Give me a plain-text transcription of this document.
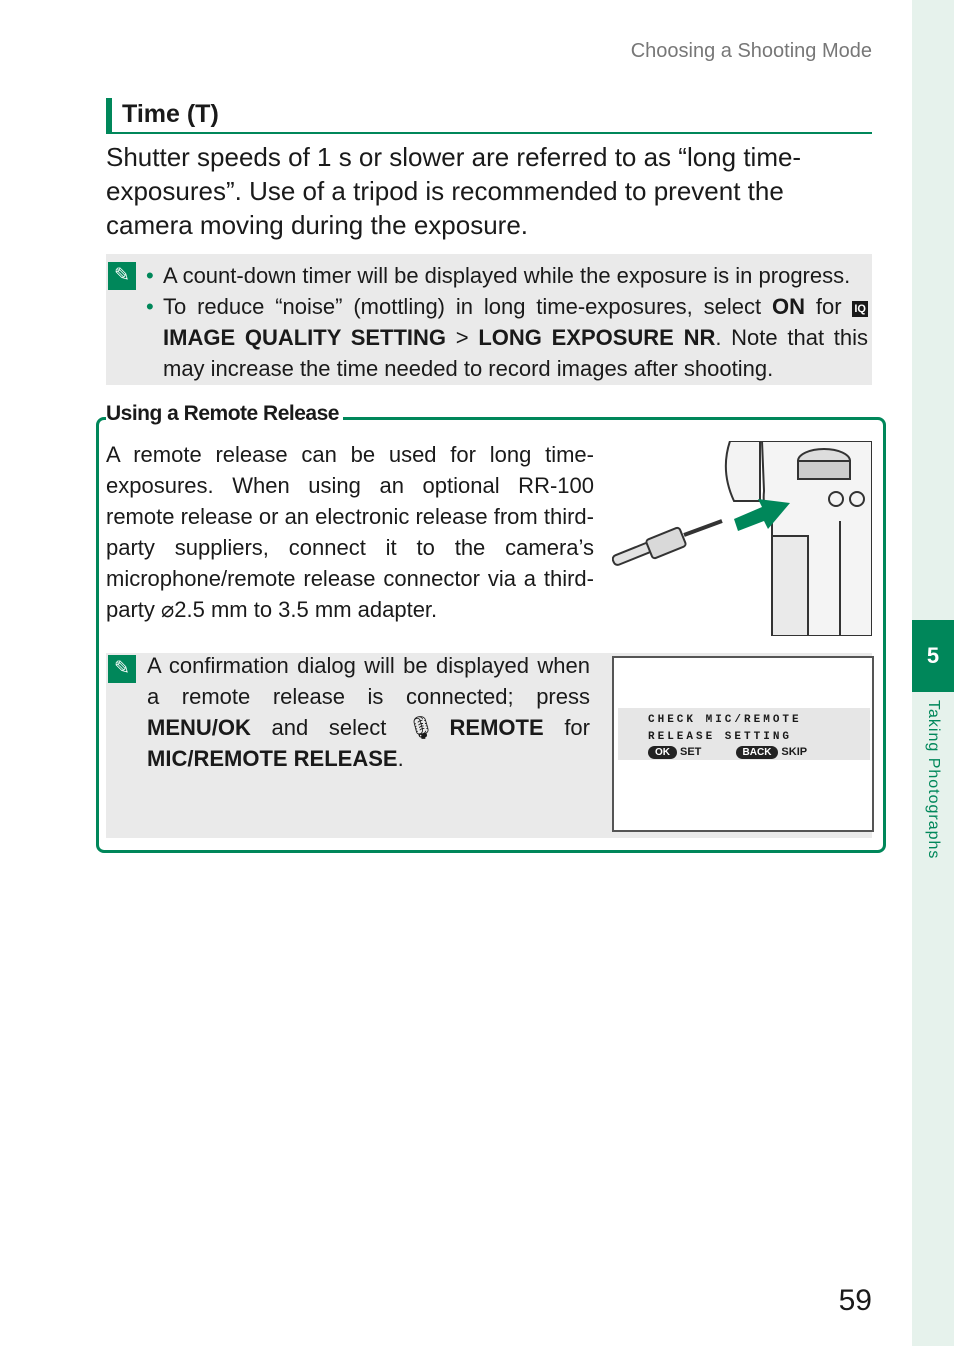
Choosing a Shooting Mode
5
Taking Photographs
Time (T)
Shutter speeds of 1 s or slower are referred to as “long time-exposures”. Use of a tripod is recommended to prevent the camera moving during the exposure.
✎ • A count-down timer will be displayed while the exposure is in progress.
• To reduce “noise” (mottling) in long time-exposures, select ON for IQ IMAGE QUALITY SETTING > LONG EXPOSURE NR. Note that this may increase the time needed to record images after shooting.
Using a Remote Release
A remote release can be used for long time-exposures. When using an optional RR-100 remote release or an electronic release from third-party suppliers, connect it to the camera’s microphone/remote release connector via a third-party ⌀2.5 mm to 3.5 mm adapter.
✎ A confirmation dialog will be displayed when a remote release is connected; press MENU/OK and select 🎙REMOTE for MIC/REMOTE RELEASE.
CHECK MIC/REMOTE RELEASE SETTING
OK SET	BACK SKIP
59
